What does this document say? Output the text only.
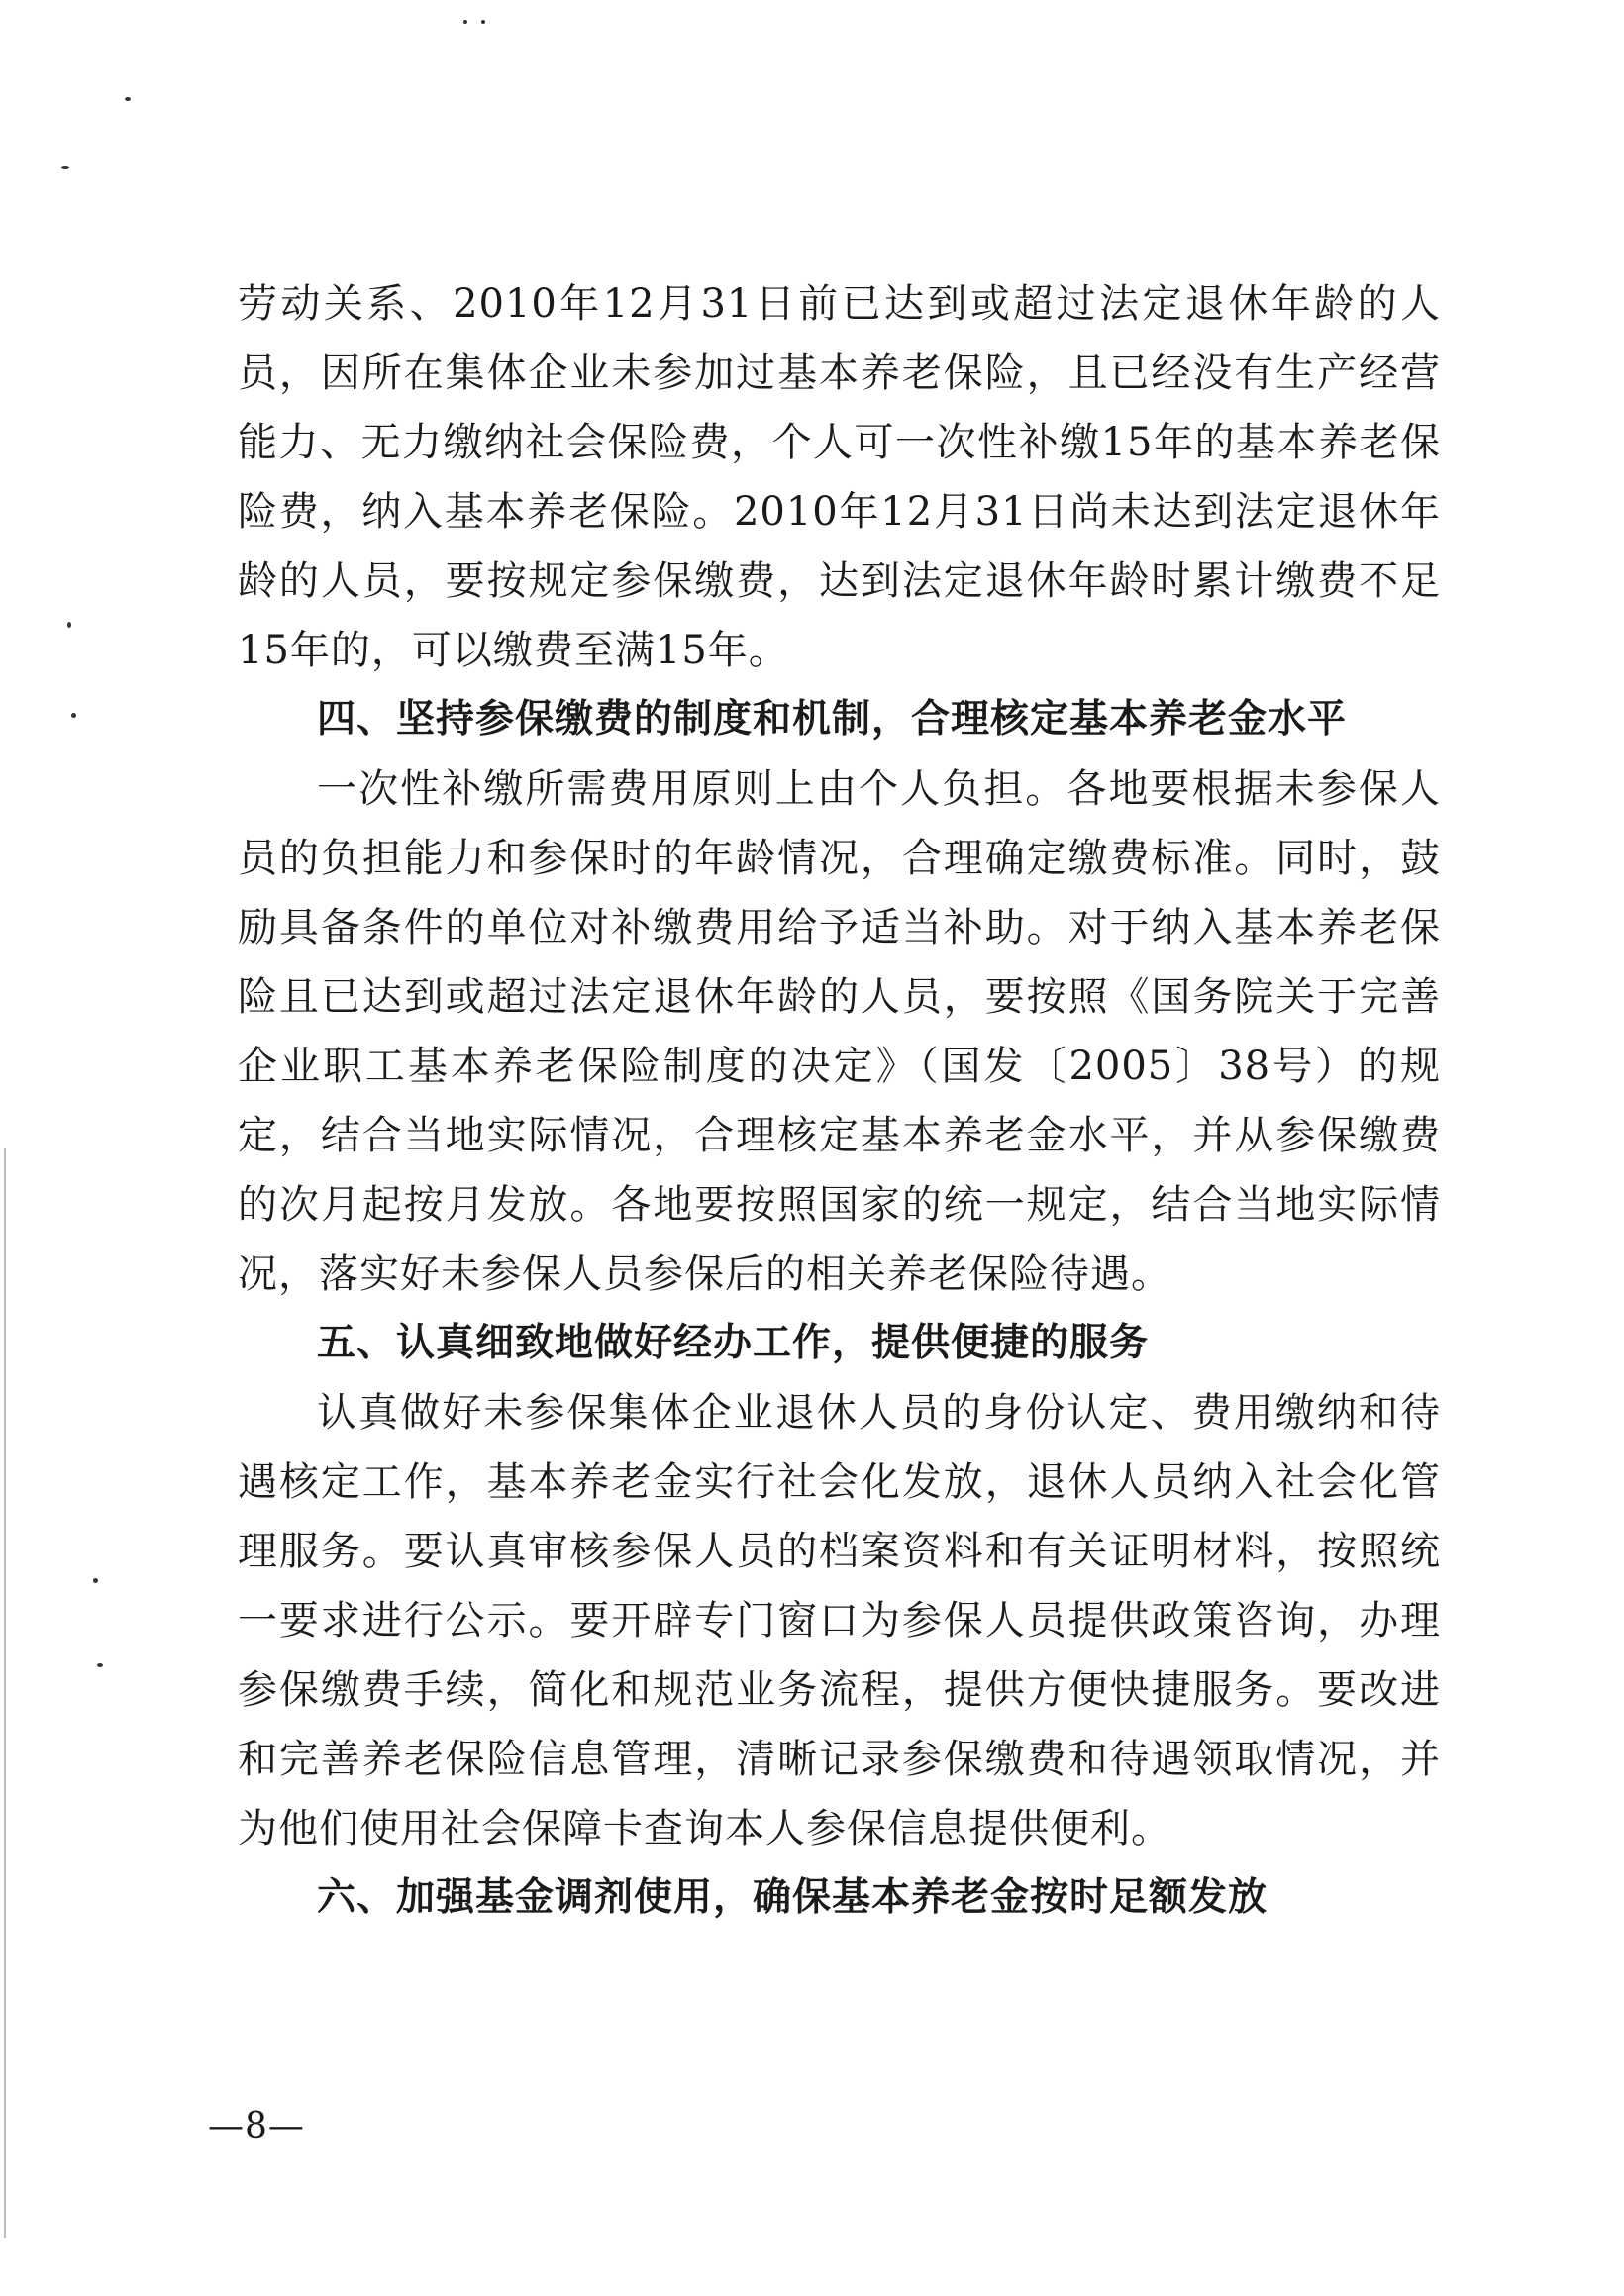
劳动关系、2010年12月31日前已达到或超过法定退休年龄的人员，因所在集体企业未参加过基本养老保险，且已经没有生产经营能力、无力缴纳社会保险费，个人可一次性补缴15年的基本养老保险费，纳入基本养老保险。2010年12月31日尚未达到法定退休年龄的人员，要按规定参保缴费，达到法定退休年龄时累计缴费不足15年的，可以缴费至满15年。

四、坚持参保缴费的制度和机制，合理核定基本养老金水平

一次性补缴所需费用原则上由个人负担。各地要根据未参保人员的负担能力和参保时的年龄情况，合理确定缴费标准。同时，鼓励具备条件的单位对补缴费用给予适当补助。对于纳入基本养老保险且已达到或超过法定退休年龄的人员，要按照《国务院关于完善企业职工基本养老保险制度的决定》（国发〔2005〕38号）的规定，结合当地实际情况，合理核定基本养老金水平，并从参保缴费的次月起按月发放。各地要按照国家的统一规定，结合当地实际情况，落实好未参保人员参保后的相关养老保险待遇。

五、认真细致地做好经办工作，提供便捷的服务

认真做好未参保集体企业退休人员的身份认定、费用缴纳和待遇核定工作，基本养老金实行社会化发放，退休人员纳入社会化管理服务。要认真审核参保人员的档案资料和有关证明材料，按照统一要求进行公示。要开辟专门窗口为参保人员提供政策咨询，办理参保缴费手续，简化和规范业务流程，提供方便快捷服务。要改进和完善养老保险信息管理，清晰记录参保缴费和待遇领取情况，并为他们使用社会保障卡查询本人参保信息提供便利。

六、加强基金调剂使用，确保基本养老金按时足额发放

—8—
